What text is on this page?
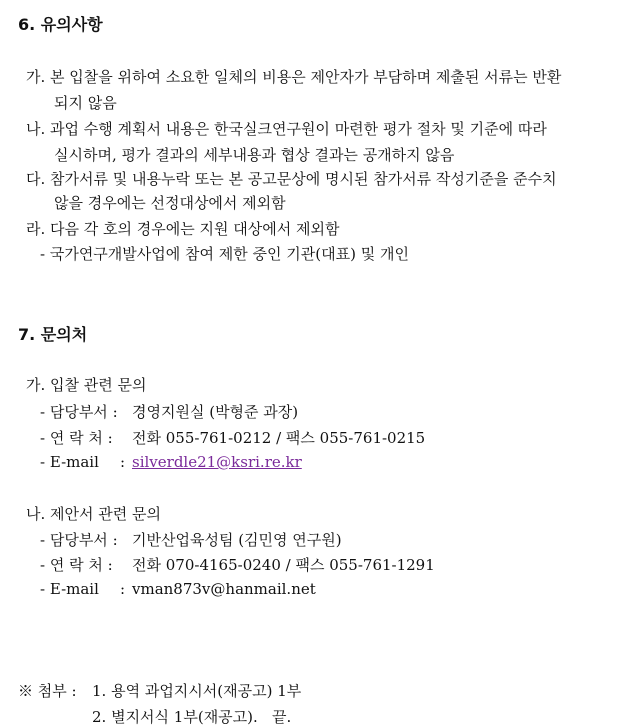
6. 유의사항
가. 본 입찰을 위하여 소요한 일체의 비용은 제안자가 부담하며 제출된 서류는 반환
되지 않음
나. 과업 수행 계획서 내용은 한국실크연구원이 마련한 평가 절차 및 기준에 따라
실시하며, 평가 결과의 세부내용과 협상 결과는 공개하지 않음
다. 참가서류 및 내용누락 또는 본 공고문상에 명시된 참가서류 작성기준을 준수치
않을 경우에는 선정대상에서 제외함
라. 다음 각 호의 경우에는 지원 대상에서 제외함
- 국가연구개발사업에 참여 제한 중인 기관(대표) 및 개인
7. 문의처
가. 입찰 관련 문의
- 담당부서 : 경영지원실 (박형준 과장)
- 연 락 처 : 전화 055-761-0212 / 팩스 055-761-0215
- E-mail : silverdle21@ksri.re.kr
나. 제안서 관련 문의
- 담당부서 : 기반산업육성팀 (김민영 연구원)
- 연 락 처 : 전화 070-4165-0240 / 팩스 055-761-1291
- E-mail : vman873v@hanmail.net
※ 첨부 : 1. 용역 과업지시서(재공고) 1부
2. 별지서식 1부(재공고). 끝.
